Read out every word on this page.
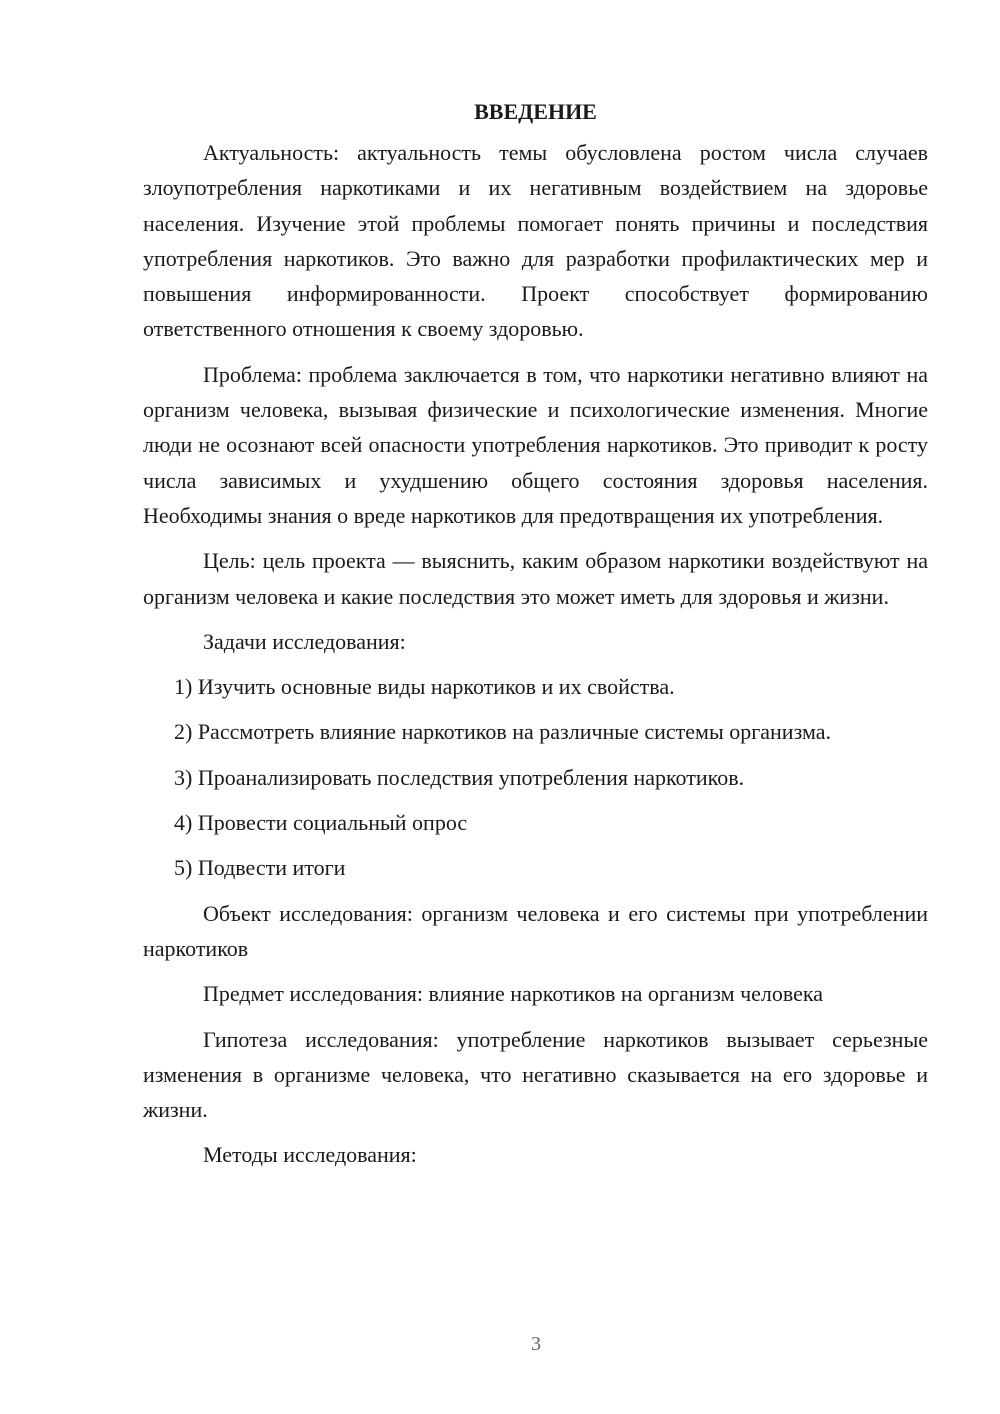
ВВЕДЕНИЕ

Актуальность: актуальность темы обусловлена ростом числа случаев злоупотребления наркотиками и их негативным воздействием на здоровье населения. Изучение этой проблемы помогает понять причины и последствия употребления наркотиков. Это важно для разработки профилактических мер и повышения информированности. Проект способствует формированию ответственного отношения к своему здоровью.

Проблема: проблема заключается в том, что наркотики негативно влияют на организм человека, вызывая физические и психологические изменения. Многие люди не осознают всей опасности употребления наркотиков. Это приводит к росту числа зависимых и ухудшению общего состояния здоровья населения. Необходимы знания о вреде наркотиков для предотвращения их употребления.

Цель: цель проекта — выяснить, каким образом наркотики воздействуют на организм человека и какие последствия это может иметь для здоровья и жизни.

Задачи исследования:
1) Изучить основные виды наркотиков и их свойства.
2) Рассмотреть влияние наркотиков на различные системы организма.
3) Проанализировать последствия употребления наркотиков.
4) Провести социальный опрос
5) Подвести итоги

Объект исследования: организм человека и его системы при употреблении наркотиков

Предмет исследования: влияние наркотиков на организм человека

Гипотеза исследования: употребление наркотиков вызывает серьезные изменения в организме человека, что негативно сказывается на его здоровье и жизни.

Методы исследования:
3
